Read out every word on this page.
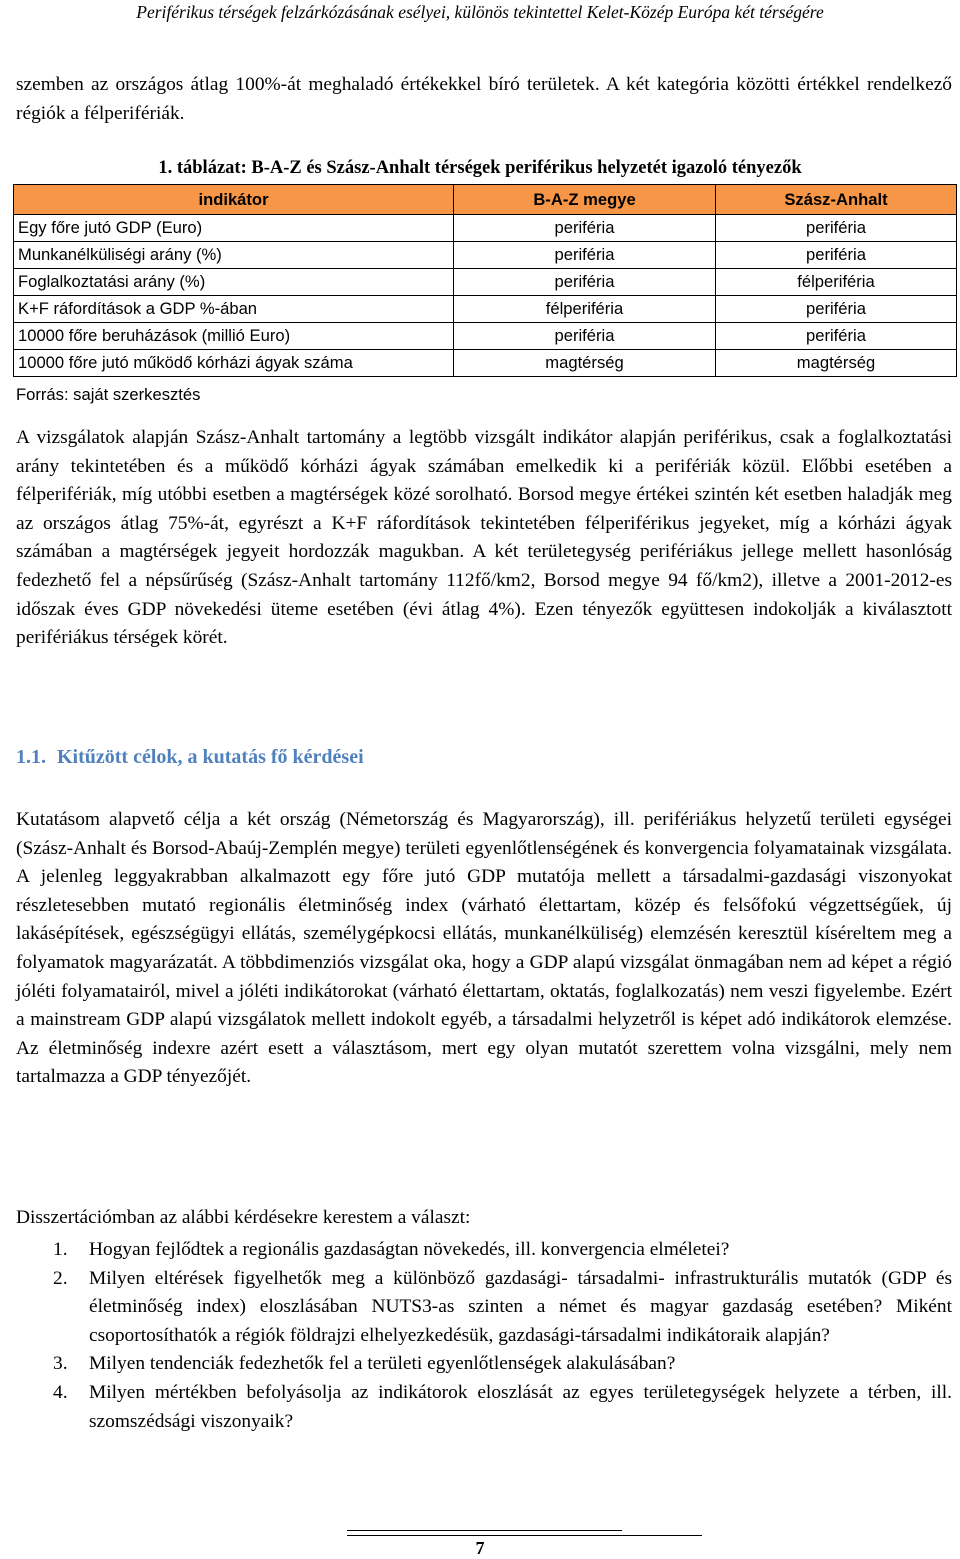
Periférikus térségek felzárkózásának esélyei, különös tekintettel Kelet-Közép Európa két térségére

szemben az országos átlag 100%-át meghaladó értékekkel bíró területek. A két kategória közötti értékkel rendelkező régiók a félperifériák.

1. táblázat: B-A-Z és Szász-Anhalt térségek periférikus helyzetét igazoló tényezők
indikátor	B-A-Z megye	Szász-Anhalt
Egy főre jutó GDP (Euro)	periféria	periféria
Munkanélküliségi arány (%)	periféria	periféria
Foglalkoztatási arány (%)	periféria	félperiféria
K+F ráfordítások a GDP %-ában	félperiféria	periféria
10000 főre beruházások (millió Euro)	periféria	periféria
10000 főre jutó működő kórházi ágyak száma	magtérség	magtérség
Forrás: saját szerkesztés

A vizsgálatok alapján Szász-Anhalt tartomány a legtöbb vizsgált indikátor alapján periférikus, csak a foglalkoztatási arány tekintetében és a működő kórházi ágyak számában emelkedik ki a perifériák közül. Előbbi esetében a félperifériák, míg utóbbi esetben a magtérségek közé sorolható. Borsod megye értékei szintén két esetben haladják meg az országos átlag 75%-át, egyrészt a K+F ráfordítások tekintetében félperiférikus jegyeket, míg a kórházi ágyak számában a magtérségek jegyeit hordozzák magukban. A két területegység perifériákus jellege mellett hasonlóság fedezhető fel a népsűrűség (Szász-Anhalt tartomány 112fő/km2, Borsod megye 94 fő/km2), illetve a 2001-2012-es időszak éves GDP növekedési üteme esetében (évi átlag 4%). Ezen tényezők együttesen indokolják a kiválasztott perifériákus térségek körét.

1.1. Kitűzött célok, a kutatás fő kérdései

Kutatásom alapvető célja a két ország (Németország és Magyarország), ill. perifériákus helyzetű területi egységei (Szász-Anhalt és Borsod-Abaúj-Zemplén megye) területi egyenlőtlenségének és konvergencia folyamatainak vizsgálata. A jelenleg leggyakrabban alkalmazott egy főre jutó GDP mutatója mellett a társadalmi-gazdasági viszonyokat részletesebben mutató regionális életminőség index (várható élettartam, közép és felsőfokú végzettségűek, új lakásépítések, egészségügyi ellátás, személygépkocsi ellátás, munkanélküliség) elemzésén keresztül kíséreltem meg a folyamatok magyarázatát. A többdimenziós vizsgálat oka, hogy a GDP alapú vizsgálat önmagában nem ad képet a régió jóléti folyamatairól, mivel a jóléti indikátorokat (várható élettartam, oktatás, foglalkozatás) nem veszi figyelembe. Ezért a mainstream GDP alapú vizsgálatok mellett indokolt egyéb, a társadalmi helyzetről is képet adó indikátorok elemzése. Az életminőség indexre azért esett a választásom, mert egy olyan mutatót szerettem volna vizsgálni, mely nem tartalmazza a GDP tényezőjét.

Disszertációmban az alábbi kérdésekre kerestem a választ:
1. Hogyan fejlődtek a regionális gazdaságtan növekedés, ill. konvergencia elméletei?
2. Milyen eltérések figyelhetők meg a különböző gazdasági- társadalmi- infrastrukturális mutatók (GDP és életminőség index) eloszlásában NUTS3-as szinten a német és magyar gazdaság esetében? Miként csoportosíthatók a régiók földrajzi elhelyezkedésük, gazdasági-társadalmi indikátoraik alapján?
3. Milyen tendenciák fedezhetők fel a területi egyenlőtlenségek alakulásában?
4. Milyen mértékben befolyásolja az indikátorok eloszlását az egyes területegységek helyzete a térben, ill. szomszédsági viszonyaik?
7
